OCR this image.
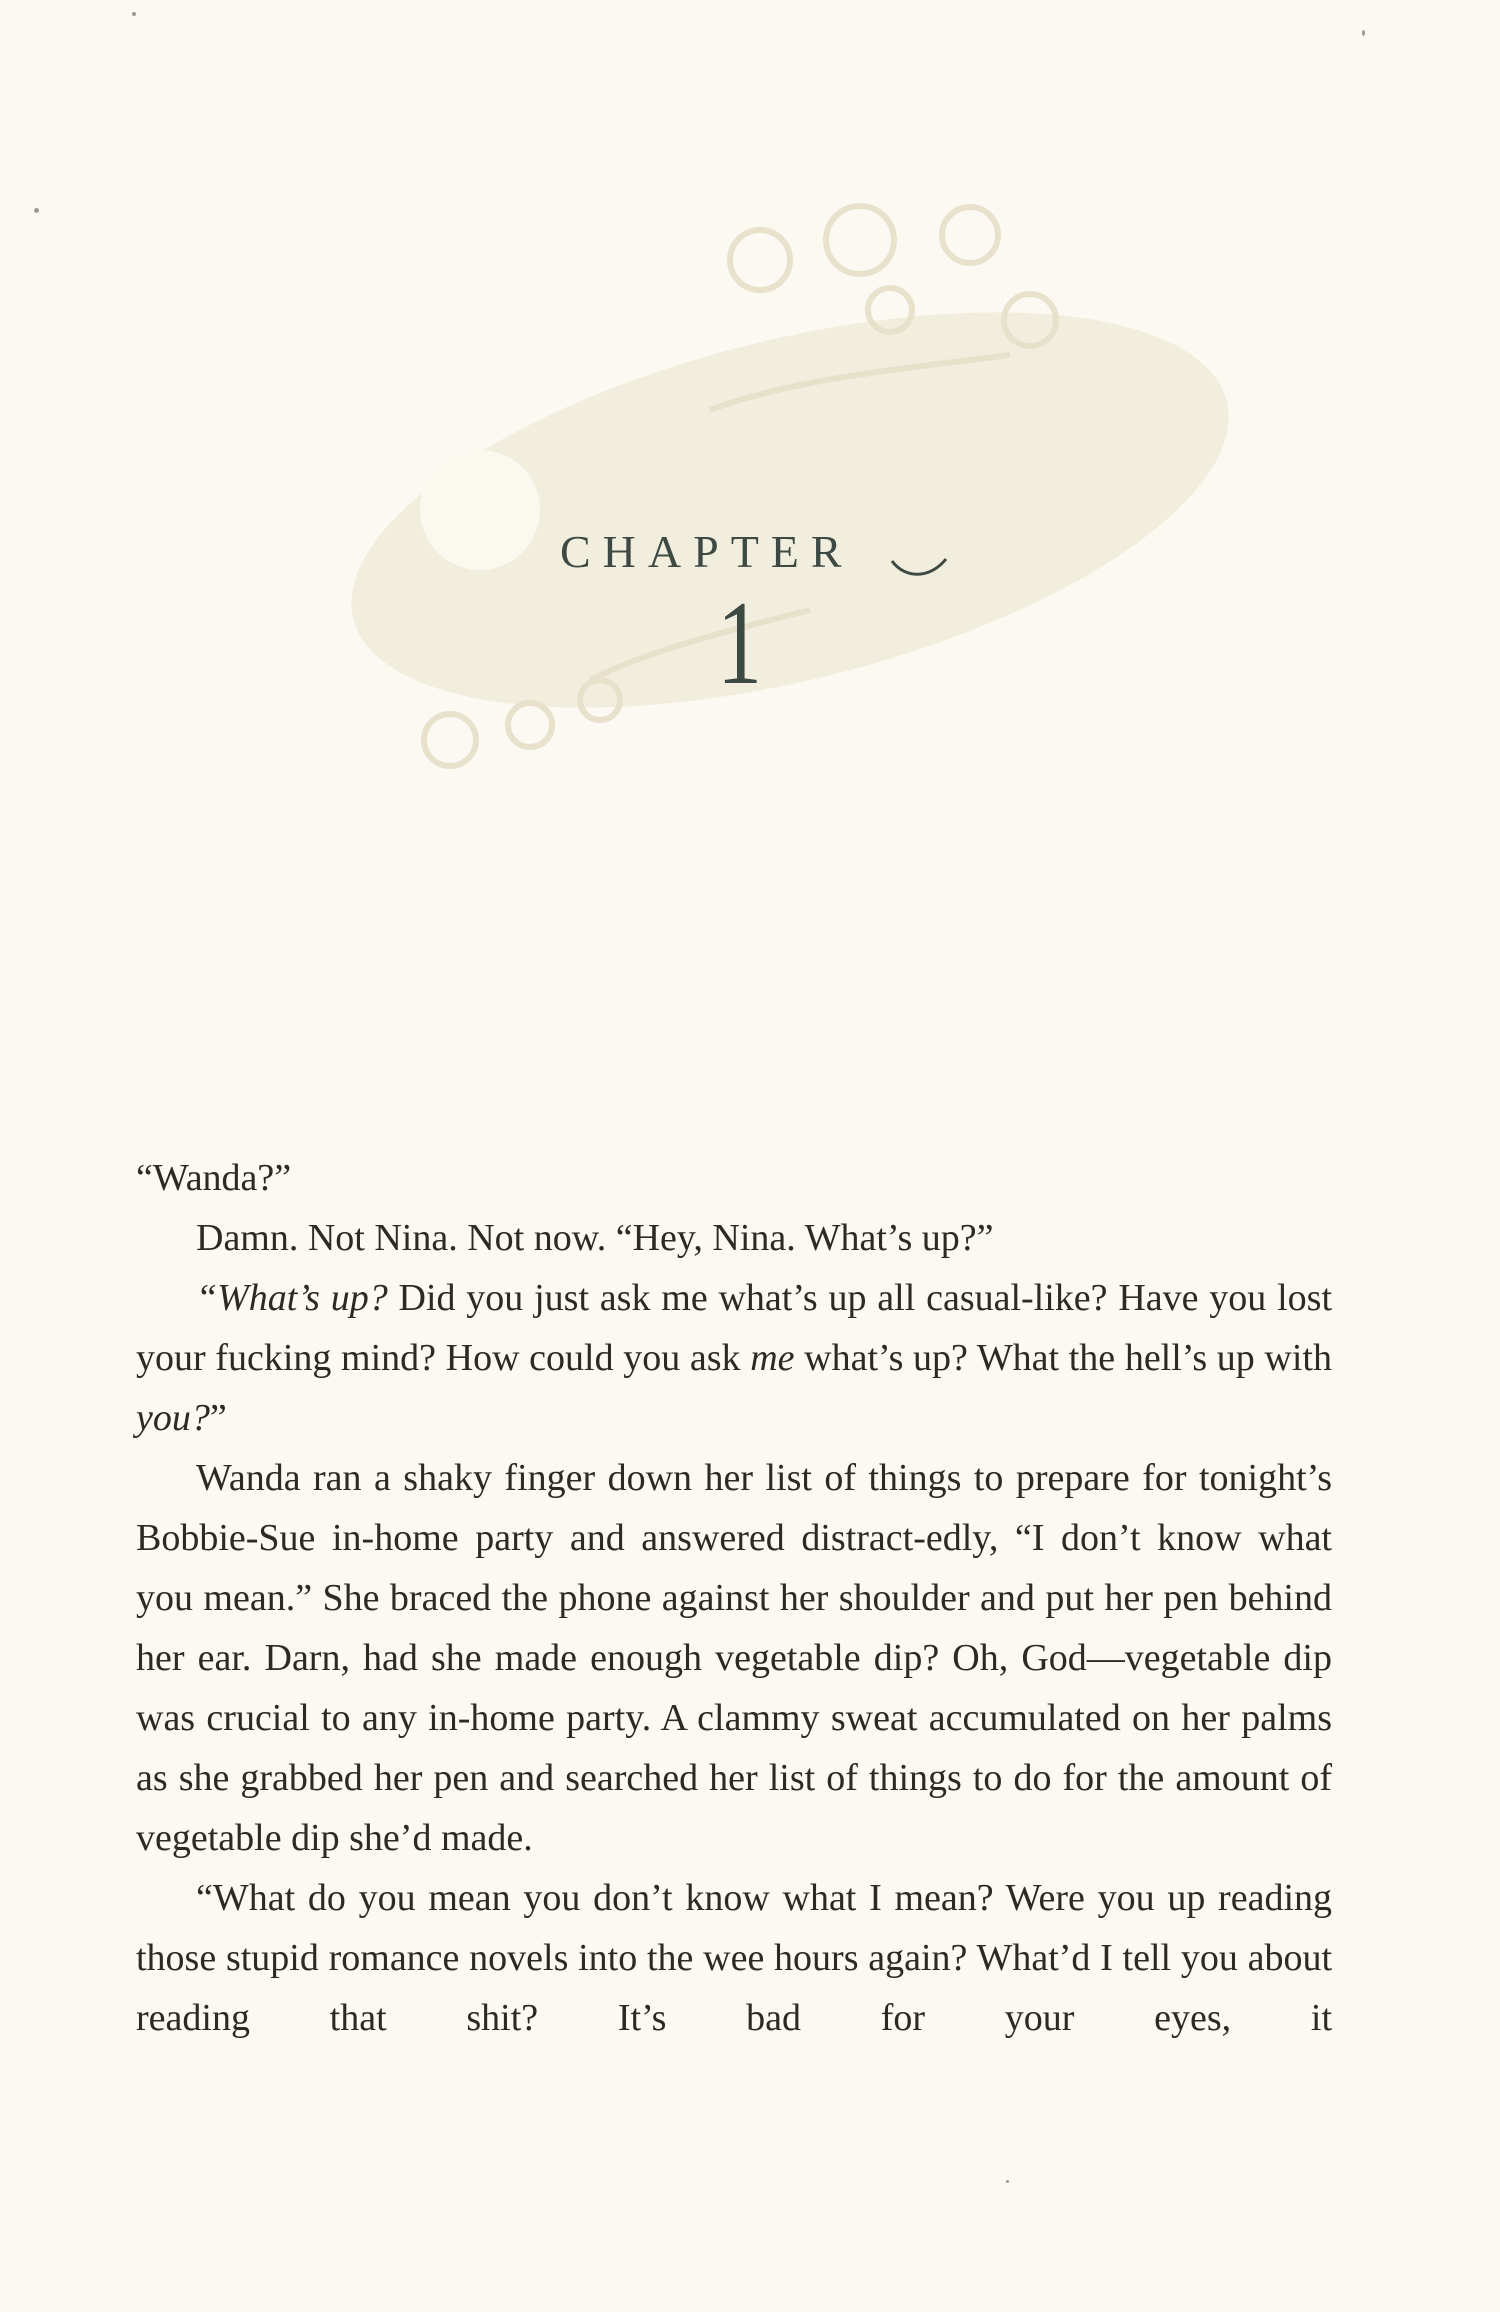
CHAPTER
1

“Wanda?”

Damn. Not Nina. Not now. “Hey, Nina. What’s up?”

“What’s up? Did you just ask me what’s up all casual-like? Have you lost your fucking mind? How could you ask me what’s up? What the hell’s up with you?”

Wanda ran a shaky finger down her list of things to prepare for tonight’s Bobbie-Sue in-home party and answered distract-edly, “I don’t know what you mean.” She braced the phone against her shoulder and put her pen behind her ear. Darn, had she made enough vegetable dip? Oh, God—vegetable dip was crucial to any in-home party. A clammy sweat accumulated on her palms as she grabbed her pen and searched her list of things to do for the amount of vegetable dip she’d made.

“What do you mean you don’t know what I mean? Were you up reading those stupid romance novels into the wee hours again? What’d I tell you about reading that shit? It’s bad for your eyes, it
